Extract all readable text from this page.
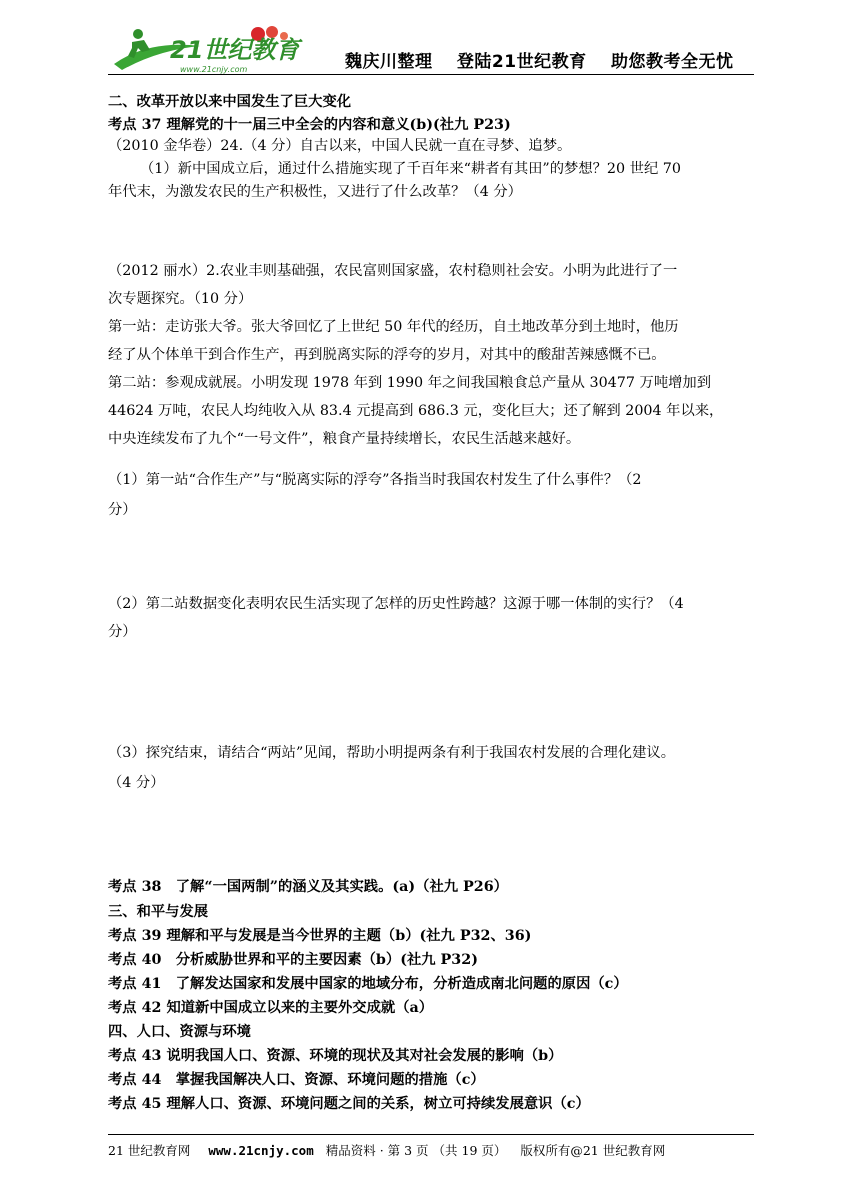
21世纪教育
www.21cnjy.com	魏庆川整理 登陆21世纪教育 助您教考全无忧
二、改革开放以来中国发生了巨大变化
考点 37 理解党的十一届三中全会的内容和意义(b)(社九 P23)
（2010 金华卷）24.（4 分）自古以来，中国人民就一直在寻梦、追梦。
（1）新中国成立后，通过什么措施实现了千百年来“耕者有其田”的梦想？20 世纪 70
年代末，为激发农民的生产积极性，又进行了什么改革？（4 分）
（2012 丽水）2.农业丰则基础强，农民富则国家盛，农村稳则社会安。小明为此进行了一
次专题探究。（10 分）
第一站：走访张大爷。张大爷回忆了上世纪 50 年代的经历，自土地改革分到土地时，他历
经了从个体单干到合作生产，再到脱离实际的浮夸的岁月，对其中的酸甜苦辣感慨不已。
第二站：参观成就展。小明发现 1978 年到 1990 年之间我国粮食总产量从 30477 万吨增加到
44624 万吨，农民人均纯收入从 83.4 元提高到 686.3 元，变化巨大；还了解到 2004 年以来，
中央连续发布了九个“一号文件”，粮食产量持续增长，农民生活越来越好。
（1）第一站“合作生产”与“脱离实际的浮夸”各指当时我国农村发生了什么事件？（2
分）
（2）第二站数据变化表明农民生活实现了怎样的历史性跨越？这源于哪一体制的实行？（4
分）
（3）探究结束，请结合“两站”见闻，帮助小明提两条有利于我国农村发展的合理化建议。
（4 分）
考点 38　了解“一国两制”的涵义及其实践。(a)（社九 P26）
三、和平与发展
考点 39 理解和平与发展是当今世界的主题（b）(社九 P32、36)
考点 40　分析威胁世界和平的主要因素（b）(社九 P32)
考点 41　了解发达国家和发展中国家的地域分布，分析造成南北问题的原因（c）
考点 42 知道新中国成立以来的主要外交成就（a）
四、人口、资源与环境
考点 43 说明我国人口、资源、环境的现状及其对社会发展的影响（b）
考点 44　掌握我国解决人口、资源、环境问题的措施（c）
考点 45 理解人口、资源、环境问题之间的关系，树立可持续发展意识（c）
21 世纪教育网 www.21cnjy.com 精品资料 · 第 3 页 （共 19 页） 版权所有@21 世纪教育网
